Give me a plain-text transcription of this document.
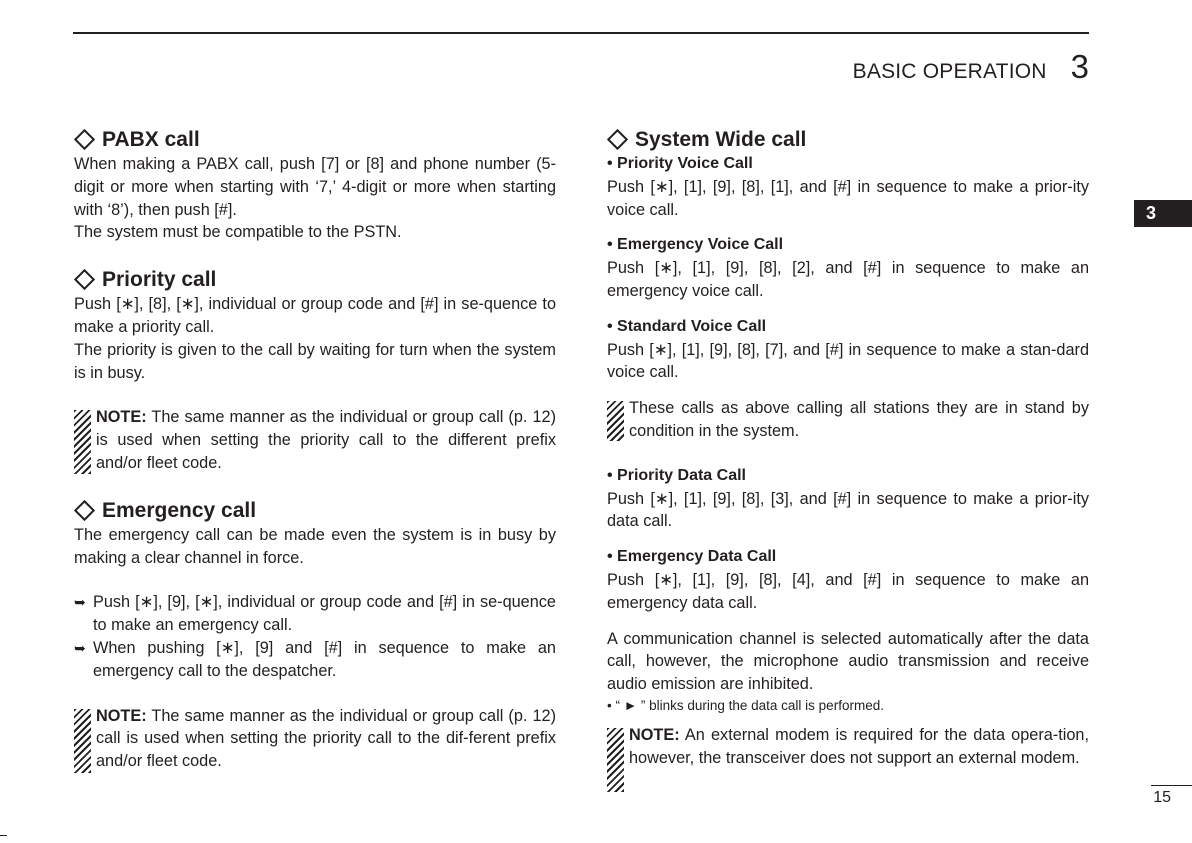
BASIC OPERATION 3
3
PABX call
When making a PABX call, push [7] or [8] and phone number (5-digit or more when starting with ‘7,’ 4-digit or more when starting with ‘8’), then push [#].
The system must be compatible to the PSTN.
Priority call
Push [∗], [8], [∗], individual or group code and [#] in se-quence to make a priority call.
The priority is given to the call by waiting for turn when the system is in busy.
NOTE: The same manner as the individual or group call (p. 12) is used when setting the priority call to the different prefix and/or fleet code.
Emergency call
The emergency call can be made even the system is in busy by making a clear channel in force.
➥ Push [∗], [9], [∗], individual or group code and [#] in se-quence to make an emergency call.
➥ When pushing [∗], [9] and [#] in sequence to make an emergency call to the despatcher.
NOTE: The same manner as the individual or group call (p. 12) call is used when setting the priority call to the dif-ferent prefix and/or fleet code.
System Wide call
• Priority Voice Call
Push [∗], [1], [9], [8], [1], and [#] in sequence to make a prior-ity voice call.
• Emergency Voice Call
Push [∗], [1], [9], [8], [2], and [#] in sequence to make an emergency voice call.
• Standard Voice Call
Push [∗], [1], [9], [8], [7], and [#] in sequence to make a stan-dard voice call.
These calls as above calling all stations they are in stand by condition in the system.
• Priority Data Call
Push [∗], [1], [9], [8], [3], and [#] in sequence to make a prior-ity data call.
• Emergency Data Call
Push [∗], [1], [9], [8], [4], and [#] in sequence to make an emergency data call.
A communication channel is selected automatically after the data call, however, the microphone audio transmission and receive audio emission are inhibited.
• “ ► ” blinks during the data call is performed.
NOTE: An external modem is required for the data opera-tion, however, the transceiver does not support an external modem.
15
